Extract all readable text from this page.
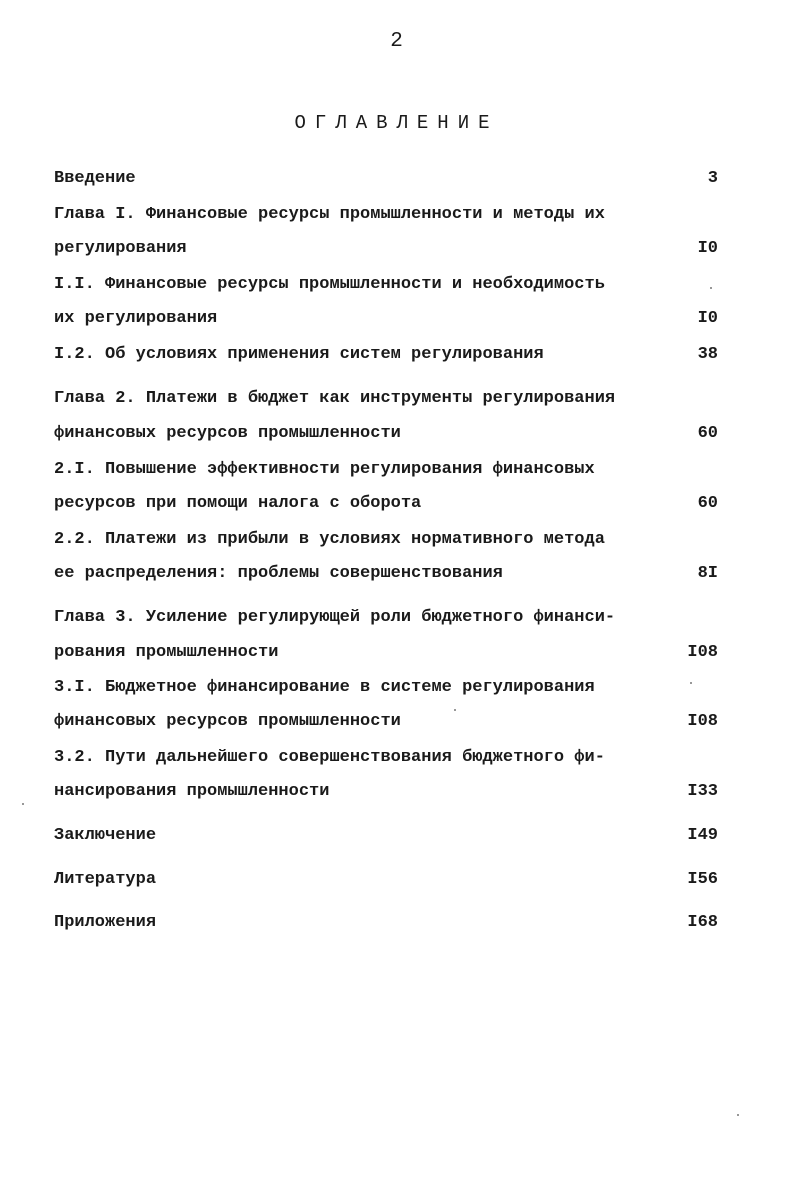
2
ОГЛАВЛЕНИЕ
Введение	3
Глава I. Финансовые ресурсы промышленности и методы их
регулирования	I0
I.I. Финансовые ресурсы промышленности и необходимость
их регулирования	I0
I.2. Об условиях применения систем регулирования	38
Глава 2. Платежи в бюджет как инструменты регулирования
финансовых ресурсов промышленности	60
2.I. Повышение эффективности регулирования финансовых
ресурсов при помощи налога с оборота	60
2.2. Платежи из прибыли в условиях нормативного метода
ее распределения: проблемы совершенствования	8I
Глава 3. Усиление регулирующей роли бюджетного финанси-
рования промышленности	I08
3.I. Бюджетное финансирование в системе регулирования
финансовых ресурсов промышленности	I08
3.2. Пути дальнейшего совершенствования бюджетного фи-
нансирования промышленности	I33
Заключение	I49
Литература	I56
Приложения	I68
